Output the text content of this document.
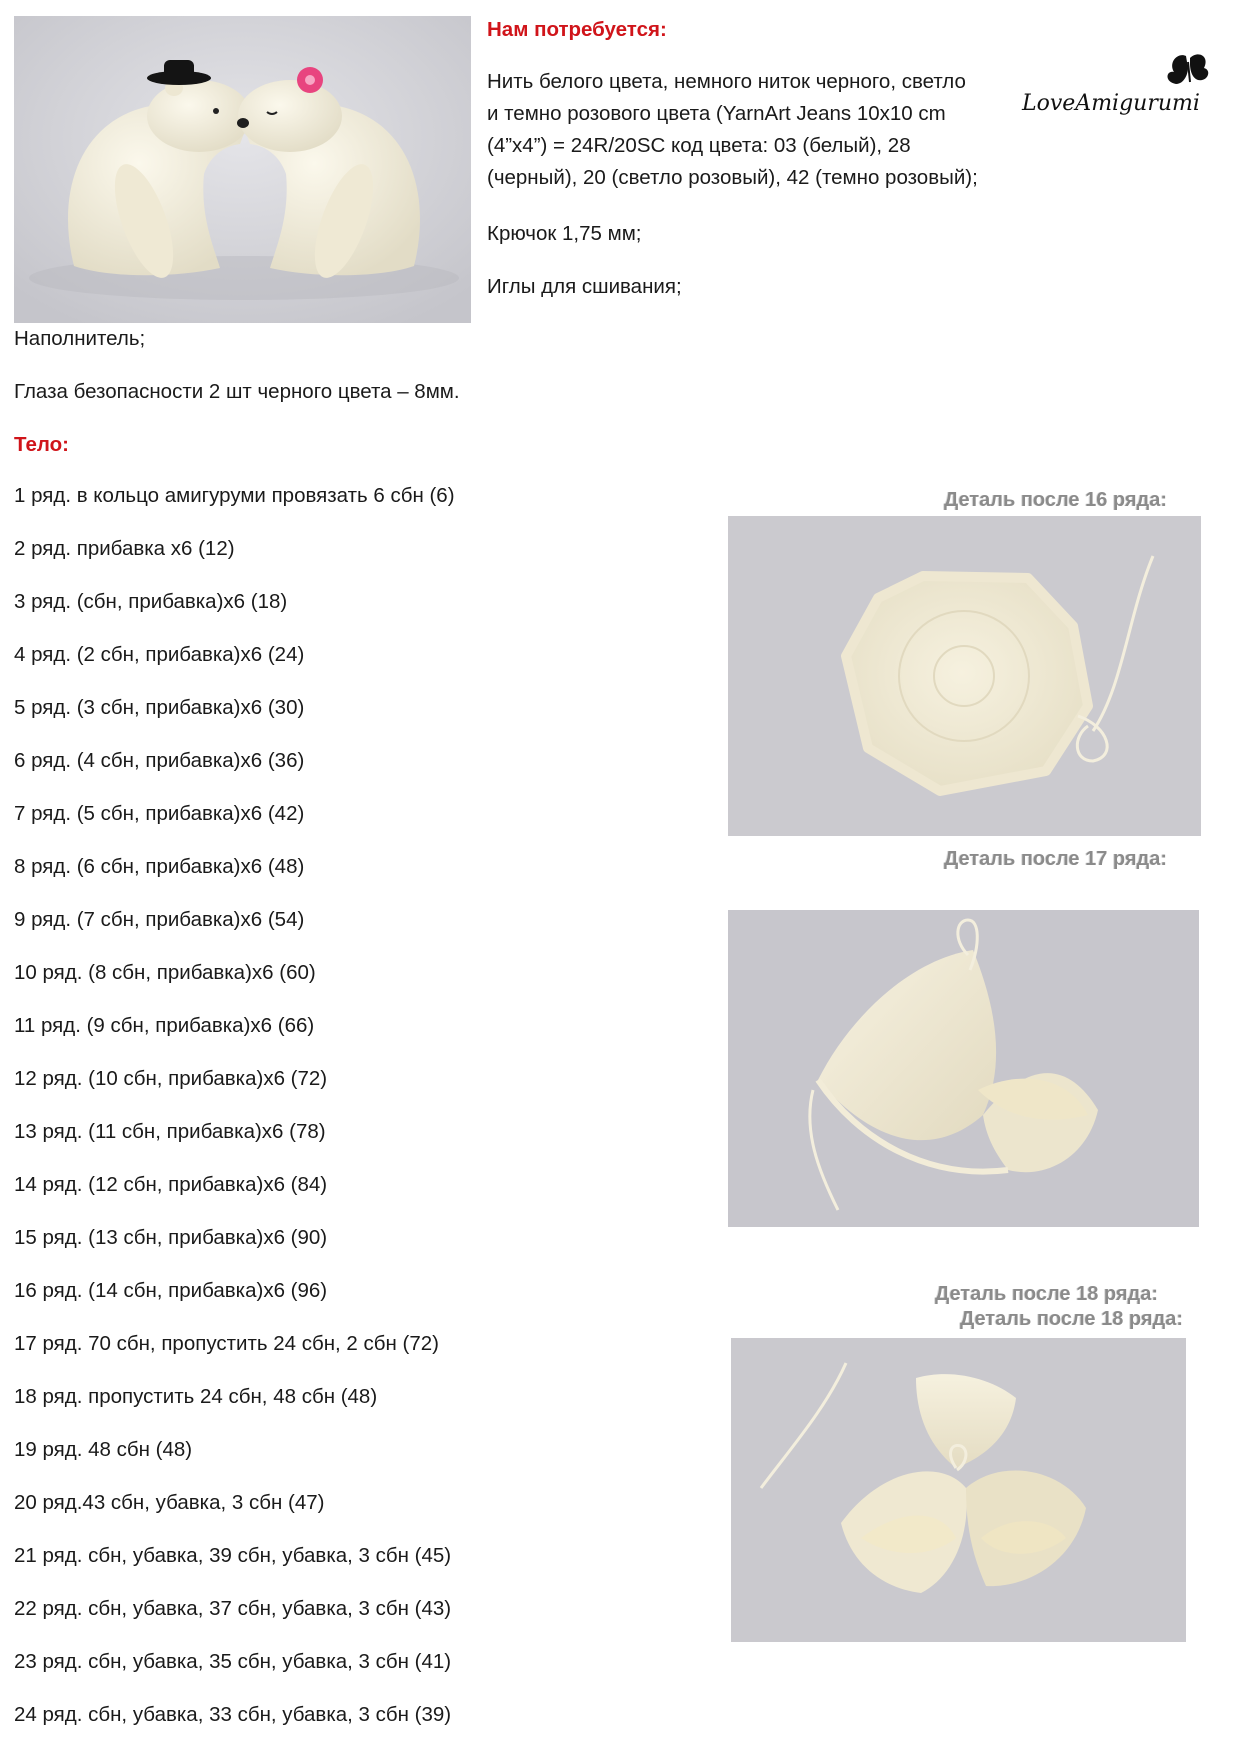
Нам потребуется:
Нить белого цвета, немного ниток черного, светло
и темно розового цвета (YarnArt Jeans 10х10 cm
(4”х4”) = 24R/20SC код цвета: 03 (белый), 28
(черный), 20 (светло розовый), 42 (темно розовый);
Крючок 1,75 мм;
Иглы для сшивания;
Наполнитель;
Глаза безопасности 2 шт черного цвета – 8мм.
LoveAmigurumi
Тело:
1 ряд. в кольцо амигуруми провязать 6 сбн (6)
2 ряд. прибавка х6 (12)
3 ряд. (сбн, прибавка)х6 (18)
4 ряд. (2 сбн, прибавка)х6 (24)
5 ряд. (3 сбн, прибавка)х6 (30)
6 ряд. (4 сбн, прибавка)х6 (36)
7 ряд. (5 сбн, прибавка)х6 (42)
8 ряд. (6 сбн, прибавка)х6 (48)
9 ряд. (7 сбн, прибавка)х6 (54)
10 ряд. (8 сбн, прибавка)х6 (60)
11 ряд. (9 сбн, прибавка)х6 (66)
12 ряд. (10 сбн, прибавка)х6 (72)
13 ряд. (11 сбн, прибавка)х6 (78)
14 ряд. (12 сбн, прибавка)х6 (84)
15 ряд. (13 сбн, прибавка)х6 (90)
16 ряд. (14 сбн, прибавка)х6 (96)
17 ряд. 70 сбн, пропустить 24 сбн, 2 сбн (72)
18 ряд. пропустить 24 сбн, 48 сбн (48)
19 ряд. 48 сбн (48)
20 ряд.43 сбн, убавка, 3 сбн (47)
21 ряд. сбн, убавка, 39 сбн, убавка, 3 сбн (45)
22 ряд. сбн, убавка, 37 сбн, убавка, 3 сбн (43)
23 ряд. сбн, убавка, 35 сбн, убавка, 3 сбн (41)
24 ряд. сбн, убавка, 33 сбн, убавка, 3 сбн (39)
Деталь после 16 ряда:
Деталь после 17 ряда:
Деталь после 18 ряда:
Деталь после 18 ряда:
